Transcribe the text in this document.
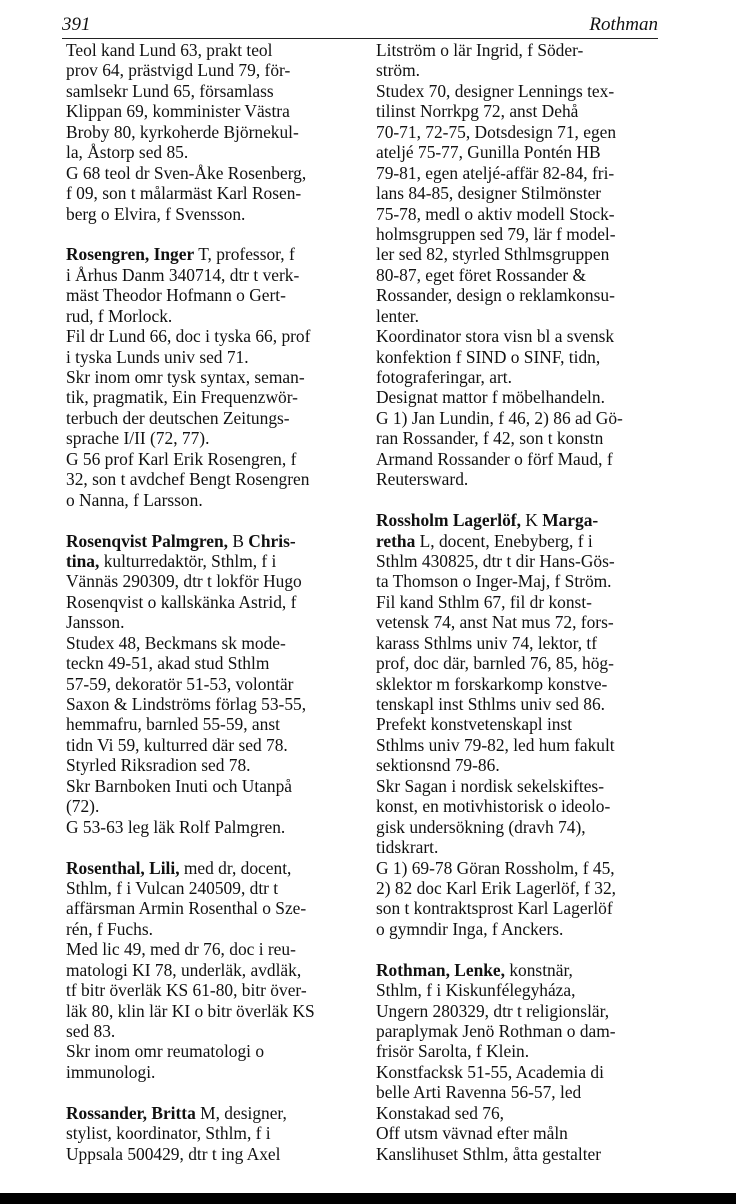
391	Rothman
Teol kand Lund 63, prakt teol
prov 64, prästvigd Lund 79, för-
samlsekr Lund 65, församlass
Klippan 69, komminister Västra
Broby 80, kyrkoherde Björnekul-
la, Åstorp sed 85.
G 68 teol dr Sven-Åke Rosenberg,
f 09, son t målarmäst Karl Rosen-
berg o Elvira, f Svensson.
Rosengren, Inger T, professor, f
i Århus Danm 340714, dtr t verk-
mäst Theodor Hofmann o Gert-
rud, f Morlock.
Fil dr Lund 66, doc i tyska 66, prof
i tyska Lunds univ sed 71.
Skr inom omr tysk syntax, seman-
tik, pragmatik, Ein Frequenzwör-
terbuch der deutschen Zeitungs-
sprache I/II (72, 77).
G 56 prof Karl Erik Rosengren, f
32, son t avdchef Bengt Rosengren
o Nanna, f Larsson.
Rosenqvist Palmgren, B Chris-
tina, kulturredaktör, Sthlm, f i
Vännäs 290309, dtr t lokför Hugo
Rosenqvist o kallskänka Astrid, f
Jansson.
Studex 48, Beckmans sk mode-
teckn 49-51, akad stud Sthlm
57-59, dekoratör 51-53, volontär
Saxon & Lindströms förlag 53-55,
hemmafru, barnled 55-59, anst
tidn Vi 59, kulturred där sed 78.
Styrled Riksradion sed 78.
Skr Barnboken Inuti och Utanpå
(72).
G 53-63 leg läk Rolf Palmgren.
Rosenthal, Lili, med dr, docent,
Sthlm, f i Vulcan 240509, dtr t
affärsman Armin Rosenthal o Sze-
rén, f Fuchs.
Med lic 49, med dr 76, doc i reu-
matologi KI 78, underläk, avdläk,
tf bitr överläk KS 61-80, bitr över-
läk 80, klin lär KI o bitr överläk KS
sed 83.
Skr inom omr reumatologi o
immunologi.
Rossander, Britta M, designer,
stylist, koordinator, Sthlm, f i
Uppsala 500429, dtr t ing Axel
Litström o lär Ingrid, f Söder-
ström.
Studex 70, designer Lennings tex-
tilinst Norrkpg 72, anst Dehå
70-71, 72-75, Dotsdesign 71, egen
ateljé 75-77, Gunilla Pontén HB
79-81, egen ateljé-affär 82-84, fri-
lans 84-85, designer Stilmönster
75-78, medl o aktiv modell Stock-
holmsgruppen sed 79, lär f model-
ler sed 82, styrled Sthlmsgruppen
80-87, eget föret Rossander &
Rossander, design o reklamkonsu-
lenter.
Koordinator stora visn bl a svensk
konfektion f SIND o SINF, tidn,
fotograferingar, art.
Designat mattor f möbelhandeln.
G 1) Jan Lundin, f 46, 2) 86 ad Gö-
ran Rossander, f 42, son t konstn
Armand Rossander o förf Maud, f
Reutersward.
Rossholm Lagerlöf, K Marga-
retha L, docent, Enebyberg, f i
Sthlm 430825, dtr t dir Hans-Gös-
ta Thomson o Inger-Maj, f Ström.
Fil kand Sthlm 67, fil dr konst-
vetensk 74, anst Nat mus 72, fors-
karass Sthlms univ 74, lektor, tf
prof, doc där, barnled 76, 85, hög-
sklektor m forskarkomp konstve-
tenskapl inst Sthlms univ sed 86.
Prefekt konstvetenskapl inst
Sthlms univ 79-82, led hum fakult
sektionsnd 79-86.
Skr Sagan i nordisk sekelskiftes-
konst, en motivhistorisk o ideolo-
gisk undersökning (dravh 74),
tidskrart.
G 1) 69-78 Göran Rossholm, f 45,
2) 82 doc Karl Erik Lagerlöf, f 32,
son t kontraktsprost Karl Lagerlöf
o gymndir Inga, f Anckers.
Rothman, Lenke, konstnär,
Sthlm, f i Kiskunfélegyháza,
Ungern 280329, dtr t religionslär,
paraplymak Jenö Rothman o dam-
frisör Sarolta, f Klein.
Konstfacksk 51-55, Academia di
belle Arti Ravenna 56-57, led
Konstakad sed 76,
Off utsm vävnad efter måln
Kanslihuset Sthlm, åtta gestalter
